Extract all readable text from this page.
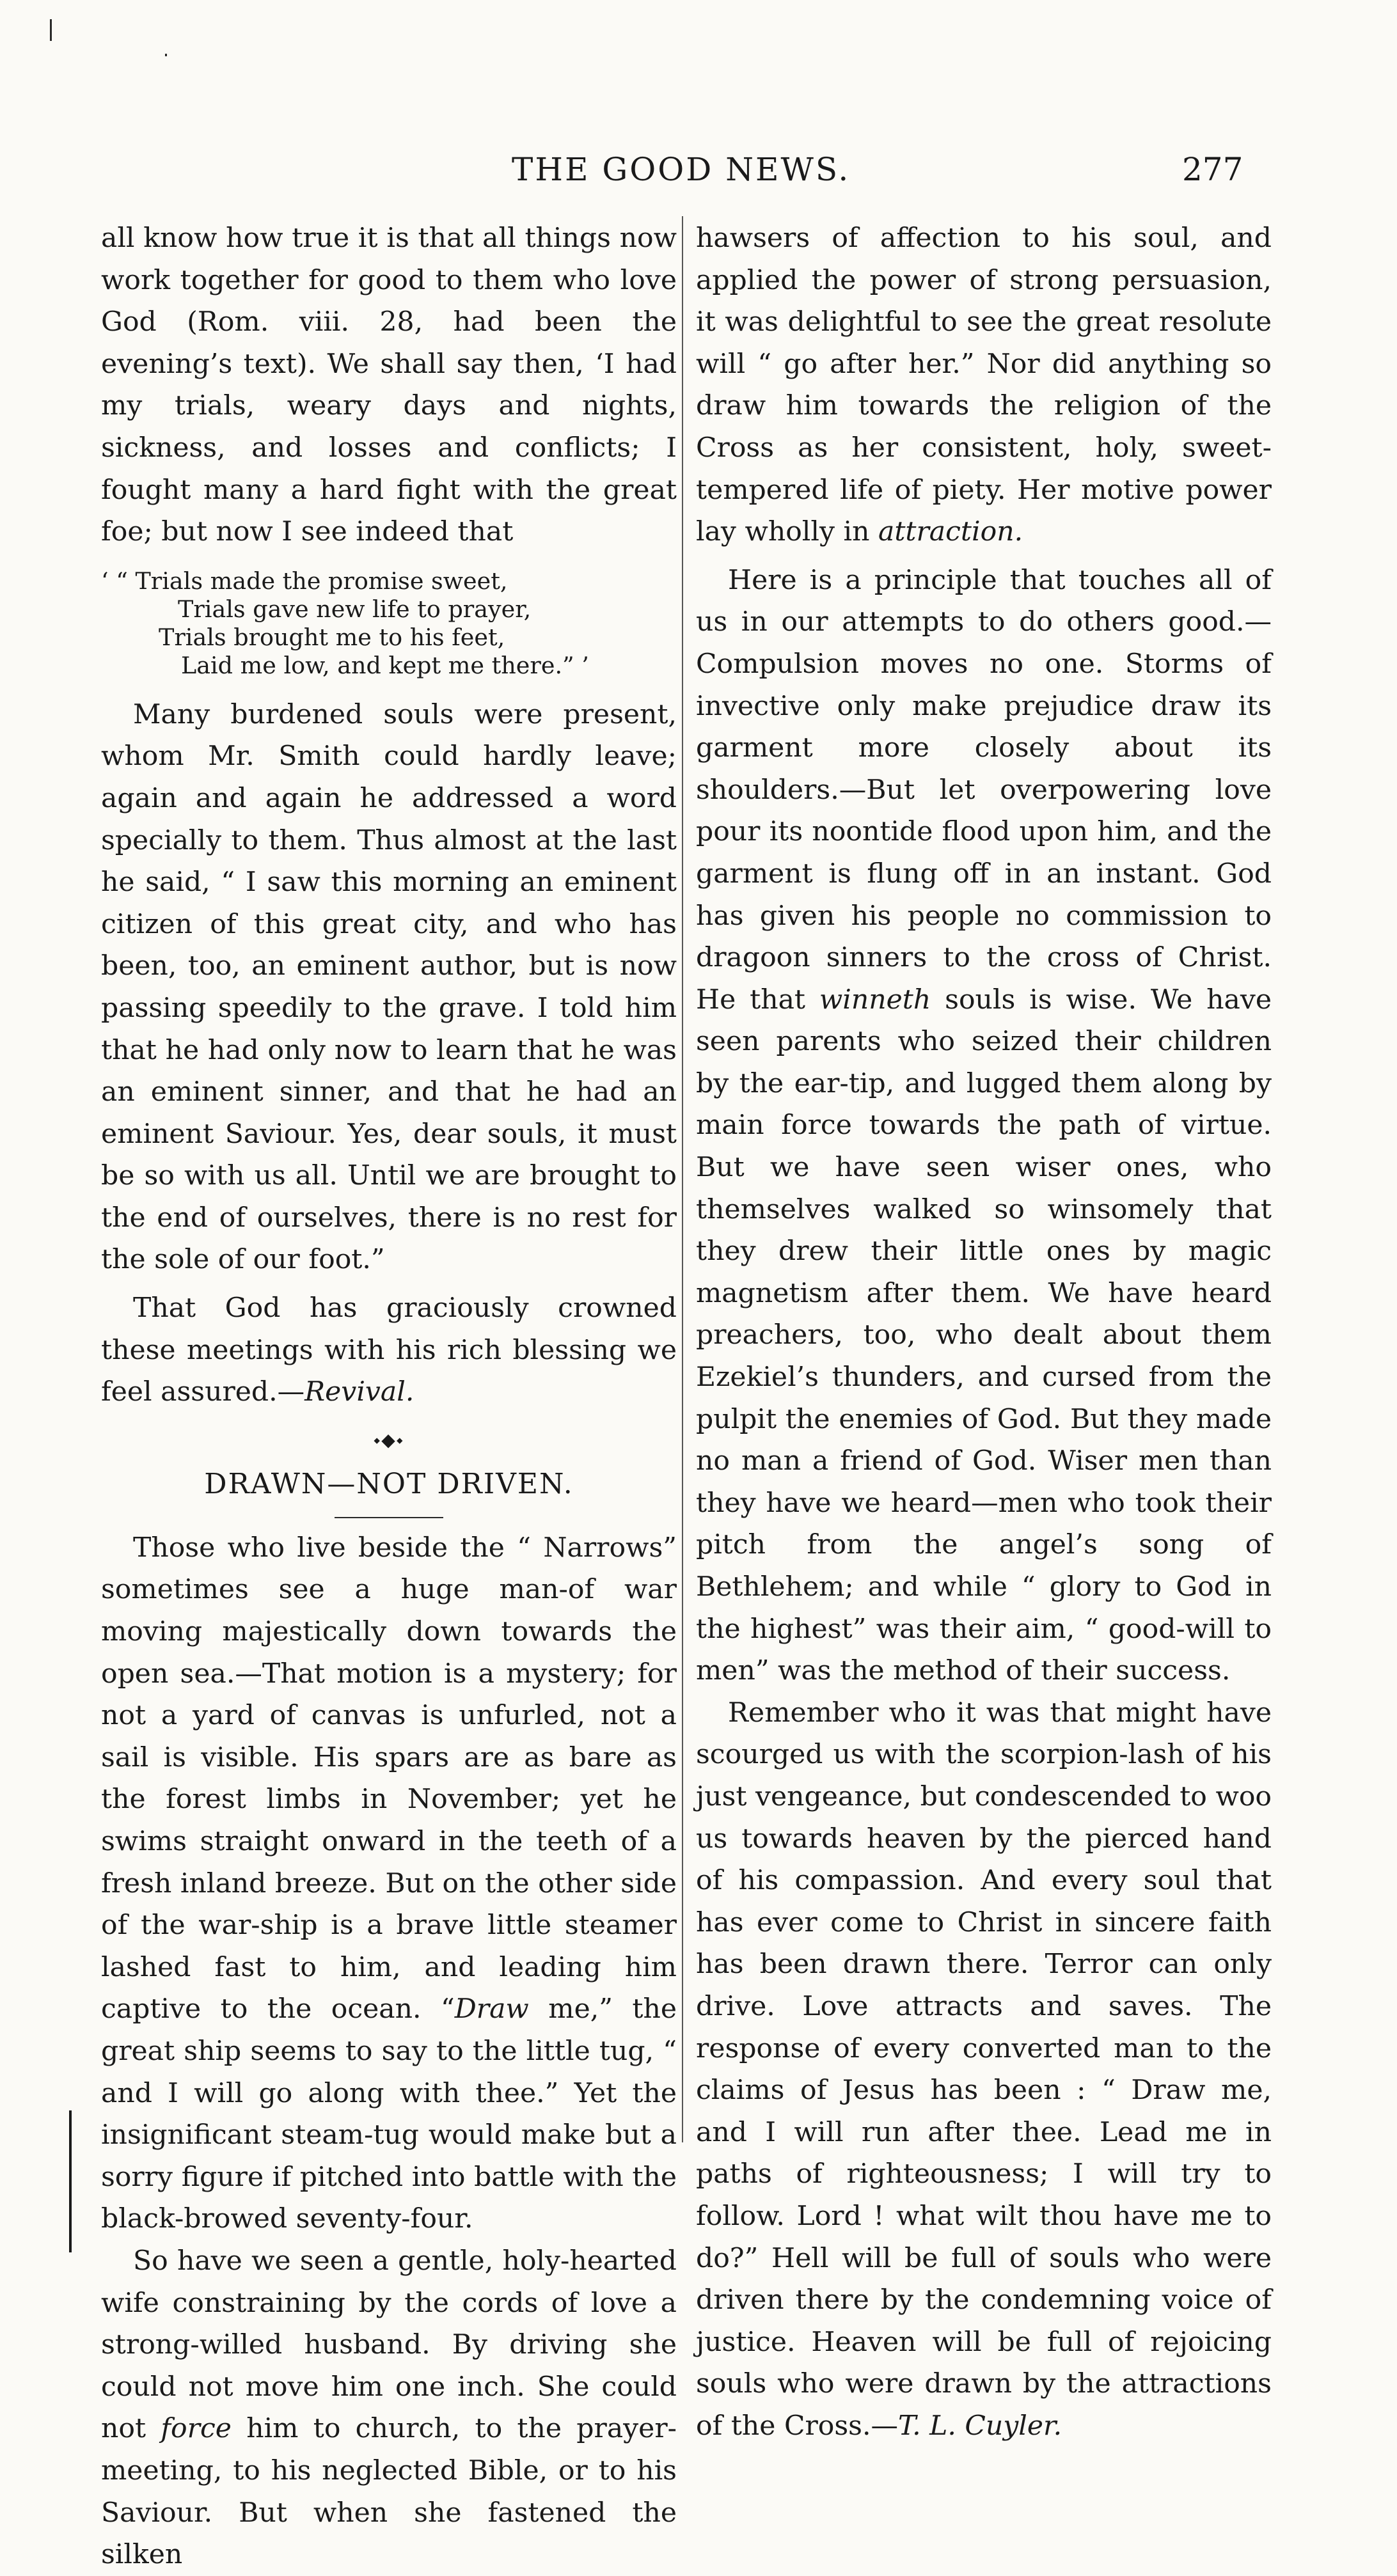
THE GOOD NEWS.	277

all know how true it is that all things now work together for good to them who love God (Rom. viii. 28, had been the evening’s text). We shall say then, ‘I had my trials, weary days and nights, sickness, and losses and conflicts; I fought many a hard fight with the great foe; but now I see indeed that

‘ “ Trials made the promise sweet,
Trials gave new life to prayer,
Trials brought me to his feet,
Laid me low, and kept me there.” ’

Many burdened souls were present, whom Mr. Smith could hardly leave; again and again he addressed a word specially to them. Thus almost at the last he said, “ I saw this morning an eminent citizen of this great city, and who has been, too, an eminent author, but is now passing speedily to the grave. I told him that he had only now to learn that he was an eminent sinner, and that he had an eminent Saviour. Yes, dear souls, it must be so with us all. Until we are brought to the end of ourselves, there is no rest for the sole of our foot.”

That God has graciously crowned these meetings with his rich blessing we feel assured.—Revival.

⬩◆⬩
DRAWN—NOT DRIVEN.

Those who live beside the “ Narrows” sometimes see a huge man-of war moving majestically down towards the open sea.—That motion is a mystery; for not a yard of canvas is unfurled, not a sail is visible. His spars are as bare as the forest limbs in November; yet he swims straight onward in the teeth of a fresh inland breeze. But on the other side of the war-ship is a brave little steamer lashed fast to him, and leading him captive to the ocean. “Draw me,” the great ship seems to say to the little tug, “ and I will go along with thee.” Yet the insignificant steam-tug would make but a sorry figure if pitched into battle with the black-browed seventy-four.

So have we seen a gentle, holy-hearted wife constraining by the cords of love a strong-willed husband. By driving she could not move him one inch. She could not force him to church, to the prayer-meeting, to his neglected Bible, or to his Saviour. But when she fastened the silken

hawsers of affection to his soul, and applied the power of strong persuasion, it was delightful to see the great resolute will “ go after her.” Nor did anything so draw him towards the religion of the Cross as her consistent, holy, sweet-tempered life of piety. Her motive power lay wholly in attraction.

Here is a principle that touches all of us in our attempts to do others good.—Compulsion moves no one. Storms of invective only make prejudice draw its garment more closely about its shoulders.—But let overpowering love pour its noontide flood upon him, and the garment is flung off in an instant. God has given his people no commission to dragoon sinners to the cross of Christ. He that winneth souls is wise. We have seen parents who seized their children by the ear-tip, and lugged them along by main force towards the path of virtue. But we have seen wiser ones, who themselves walked so winsomely that they drew their little ones by magic magnetism after them. We have heard preachers, too, who dealt about them Ezekiel’s thunders, and cursed from the pulpit the enemies of God. But they made no man a friend of God. Wiser men than they have we heard—men who took their pitch from the angel’s song of Bethlehem; and while “ glory to God in the highest” was their aim, “ good-will to men” was the method of their success.

Remember who it was that might have scourged us with the scorpion-lash of his just vengeance, but condescended to woo us towards heaven by the pierced hand of his compassion. And every soul that has ever come to Christ in sincere faith has been drawn there. Terror can only drive. Love attracts and saves. The response of every converted man to the claims of Jesus has been : “ Draw me, and I will run after thee. Lead me in paths of righteousness; I will try to follow. Lord ! what wilt thou have me to do?” Hell will be full of souls who were driven there by the condemning voice of justice. Heaven will be full of rejoicing souls who were drawn by the attractions of the Cross.—T. L. Cuyler.
